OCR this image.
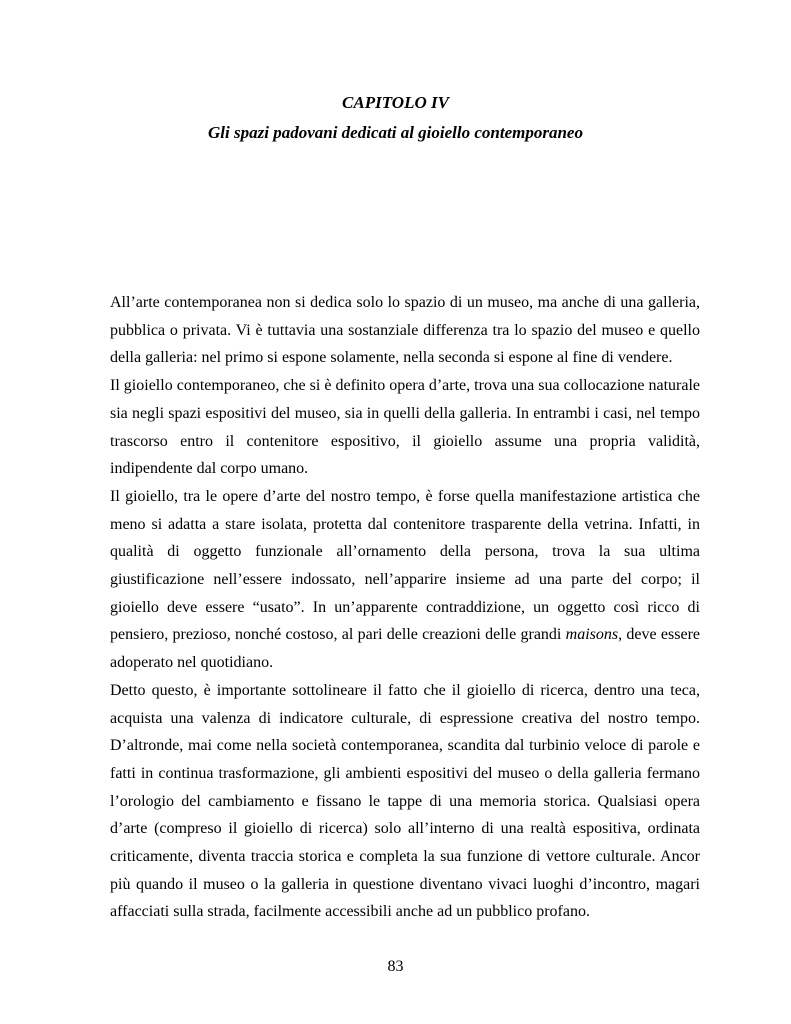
CAPITOLO IV
Gli spazi padovani dedicati al gioiello contemporaneo

All’arte contemporanea non si dedica solo lo spazio di un museo, ma anche di una galleria, pubblica o privata. Vi è tuttavia una sostanziale differenza tra lo spazio del museo e quello della galleria: nel primo si espone solamente, nella seconda si espone al fine di vendere.

Il gioiello contemporaneo, che si è definito opera d’arte, trova una sua collocazione naturale sia negli spazi espositivi del museo, sia in quelli della galleria. In entrambi i casi, nel tempo trascorso entro il contenitore espositivo, il gioiello assume una propria validità, indipendente dal corpo umano.

Il gioiello, tra le opere d’arte del nostro tempo, è forse quella manifestazione artistica che meno si adatta a stare isolata, protetta dal contenitore trasparente della vetrina. Infatti, in qualità di oggetto funzionale all’ornamento della persona, trova la sua ultima giustificazione nell’essere indossato, nell’apparire insieme ad una parte del corpo; il gioiello deve essere “usato”. In un’apparente contraddizione, un oggetto così ricco di pensiero, prezioso, nonché costoso, al pari delle creazioni delle grandi maisons, deve essere adoperato nel quotidiano.

Detto questo, è importante sottolineare il fatto che il gioiello di ricerca, dentro una teca, acquista una valenza di indicatore culturale, di espressione creativa del nostro tempo. D’altronde, mai come nella società contemporanea, scandita dal turbinio veloce di parole e fatti in continua trasformazione, gli ambienti espositivi del museo o della galleria fermano l’orologio del cambiamento e fissano le tappe di una memoria storica. Qualsiasi opera d’arte (compreso il gioiello di ricerca) solo all’interno di una realtà espositiva, ordinata criticamente, diventa traccia storica e completa la sua funzione di vettore culturale. Ancor più quando il museo o la galleria in questione diventano vivaci luoghi d’incontro, magari affacciati sulla strada, facilmente accessibili anche ad un pubblico profano.

83
